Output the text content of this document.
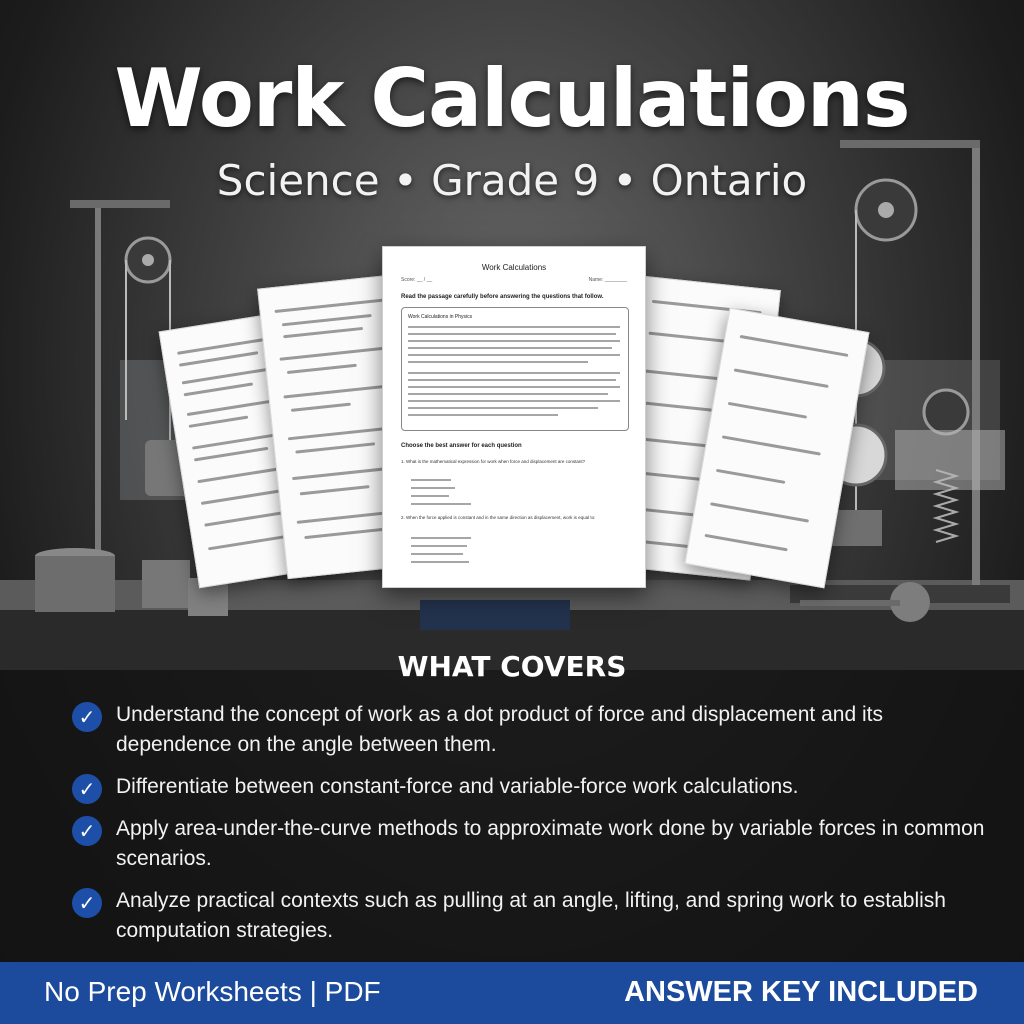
Work Calculations
Science • Grade 9 • Ontario
Work Calculations
Score: __ / __	Name: ________
Read the passage carefully before answering the questions that follow.
Work Calculations in Physics
Choose the best answer for each question
1. What is the mathematical expression for work when force and displacement are constant?
2. When the force applied is constant and in the same direction as displacement, work is equal to:
WHAT COVERS
✓ Understand the concept of work as a dot product of force and displacement and its dependence on the angle between them.
✓ Differentiate between constant-force and variable-force work calculations.
✓ Apply area-under-the-curve methods to approximate work done by variable forces in common scenarios.
✓ Analyze practical contexts such as pulling at an angle, lifting, and spring work to establish computation strategies.
No Prep Worksheets | PDF	ANSWER KEY INCLUDED
